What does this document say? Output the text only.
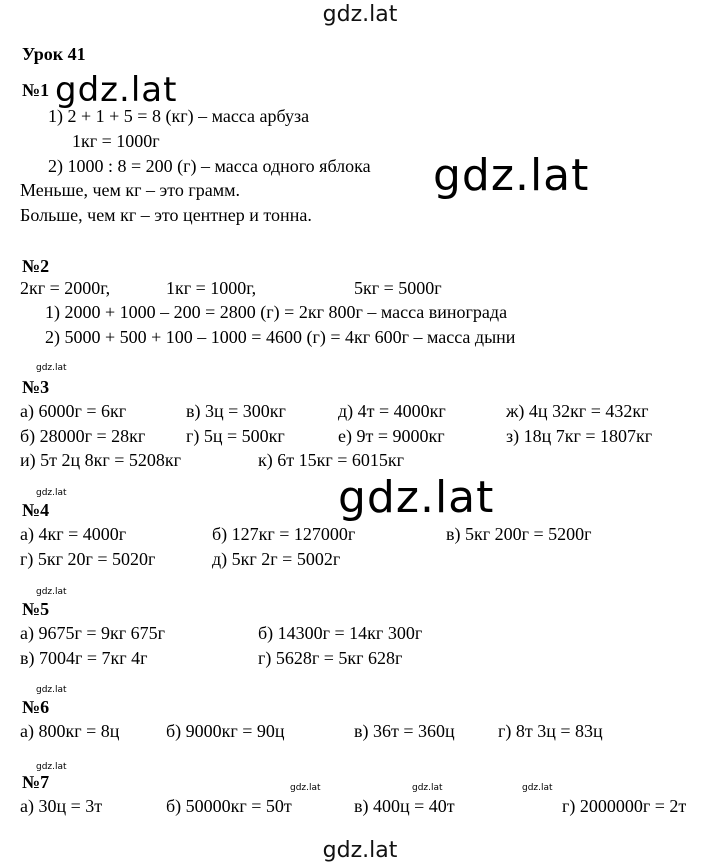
gdz.lat
gdz.lat
gdz.lat
gdz.lat
gdz.lat
gdz.lat
gdz.lat
gdz.lat
gdz.lat
gdz.lat	gdz.lat	gdz.lat
gdz.lat
Урок 41
№1
1) 2 + 1 + 5 = 8 (кг) – масса арбуза
1кг = 1000г
2) 1000 : 8 = 200 (г) – масса одного яблока
Меньше, чем кг – это грамм.
Больше, чем кг – это центнер и тонна.
№2
2кг = 2000г,	1кг = 1000г,	5кг = 5000г
1) 2000 + 1000 – 200 = 2800 (г) = 2кг 800г – масса винограда
2) 5000 + 500 + 100 – 1000 = 4600 (г) = 4кг 600г – масса дыни
№3
а) 6000г = 6кг	в) 3ц = 300кг	д) 4т = 4000кг	ж) 4ц 32кг = 432кг
б) 28000г = 28кг г) 5ц = 500кг	е) 9т = 9000кг	з) 18ц 7кг = 1807кг
и) 5т 2ц 8кг = 5208кг	к) 6т 15кг = 6015кг
№4
а) 4кг = 4000г	б) 127кг = 127000г	в) 5кг 200г = 5200г
г) 5кг 20г = 5020г	д) 5кг 2г = 5002г
№5
а) 9675г = 9кг 675г	б) 14300г = 14кг 300г
в) 7004г = 7кг 4г	г) 5628г = 5кг 628г
№6
а) 800кг = 8ц	б) 9000кг = 90ц	в) 36т = 360ц г) 8т 3ц = 83ц
№7
а) 30ц = 3т	б) 50000кг = 50т	в) 400ц = 40т	г) 2000000г = 2т
